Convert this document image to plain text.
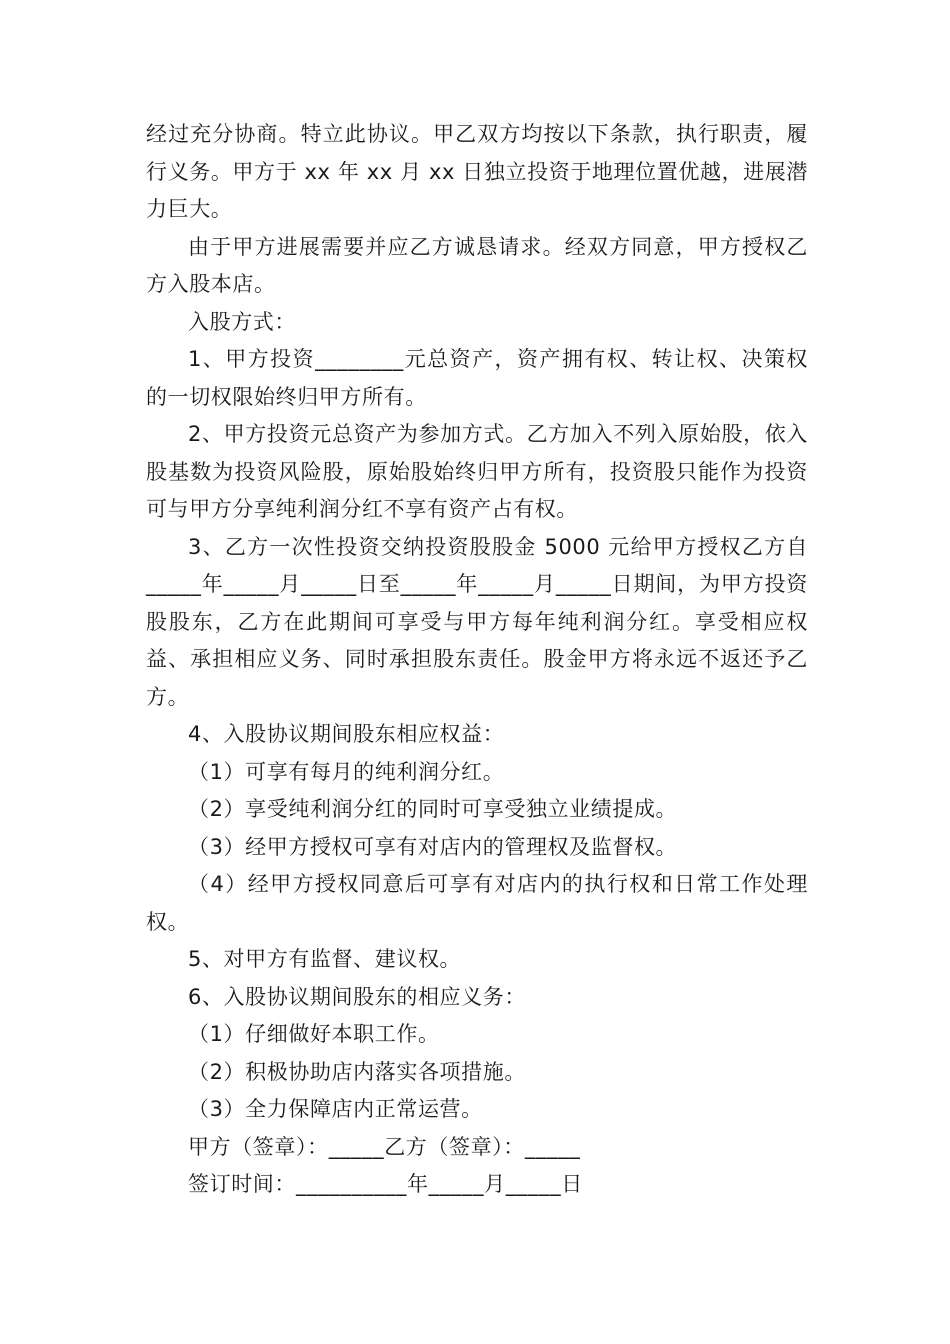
经过充分协商。特立此协议。甲乙双方均按以下条款，执行职责，履行义务。甲方于 xx 年 xx 月 xx 日独立投资于地理位置优越，进展潜力巨大。

由于甲方进展需要并应乙方诚恳请求。经双方同意，甲方授权乙方入股本店。

入股方式：

1、甲方投资________元总资产，资产拥有权、转让权、决策权的一切权限始终归甲方所有。

2、甲方投资元总资产为参加方式。乙方加入不列入原始股，依入股基数为投资风险股，原始股始终归甲方所有，投资股只能作为投资可与甲方分享纯利润分红不享有资产占有权。

3、乙方一次性投资交纳投资股股金 5000 元给甲方授权乙方自_____年_____月_____日至_____年_____月_____日期间，为甲方投资股股东，乙方在此期间可享受与甲方每年纯利润分红。享受相应权益、承担相应义务、同时承担股东责任。股金甲方将永远不返还予乙方。

4、入股协议期间股东相应权益：

（1）可享有每月的纯利润分红。

（2）享受纯利润分红的同时可享受独立业绩提成。

（3）经甲方授权可享有对店内的管理权及监督权。

（4）经甲方授权同意后可享有对店内的执行权和日常工作处理权。

5、对甲方有监督、建议权。

6、入股协议期间股东的相应义务：

（1）仔细做好本职工作。

（2）积极协助店内落实各项措施。

（3）全力保障店内正常运营。

甲方（签章）：_____乙方（签章）：_____

签订时间：__________年_____月_____日
